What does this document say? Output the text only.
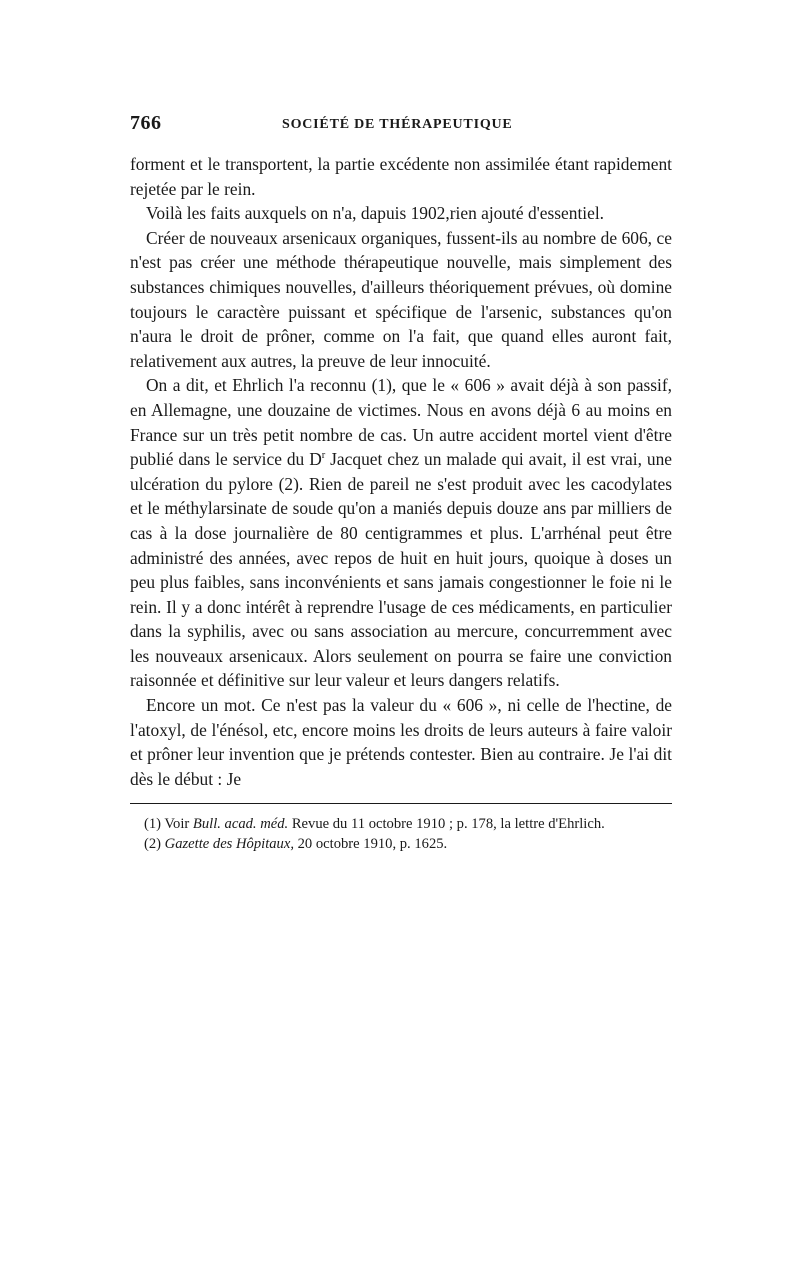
766	SOCIÉTÉ DE THÉRAPEUTIQUE

forment et le transportent, la partie excédente non assimilée étant rapidement rejetée par le rein.

Voilà les faits auxquels on n'a, dapuis 1902,rien ajouté d'essentiel.

Créer de nouveaux arsenicaux organiques, fussent-ils au nombre de 606, ce n'est pas créer une méthode thérapeutique nouvelle, mais simplement des substances chimiques nouvelles, d'ailleurs théoriquement prévues, où domine toujours le caractère puissant et spécifique de l'arsenic, substances qu'on n'aura le droit de prôner, comme on l'a fait, que quand elles auront fait, relativement aux autres, la preuve de leur innocuité.

On a dit, et Ehrlich l'a reconnu (1), que le « 606 » avait déjà à son passif, en Allemagne, une douzaine de victimes. Nous en avons déjà 6 au moins en France sur un très petit nombre de cas. Un autre accident mortel vient d'être publié dans le service du $D^r$ Jacquet chez un malade qui avait, il est vrai, une ulcération du pylore (2). Rien de pareil ne s'est produit avec les cacodylates et le méthylarsinate de soude qu'on a maniés depuis douze ans par milliers de cas à la dose journalière de 80 centigrammes et plus. L'arrhénal peut être administré des années, avec repos de huit en huit jours, quoique à doses un peu plus faibles, sans inconvénients et sans jamais congestionner le foie ni le rein. Il y a donc intérêt à reprendre l'usage de ces médicaments, en particulier dans la syphilis, avec ou sans association au mercure, concurremment avec les nouveaux arsenicaux. Alors seulement on pourra se faire une conviction raisonnée et définitive sur leur valeur et leurs dangers relatifs.

Encore un mot. Ce n'est pas la valeur du « 606 », ni celle de l'hectine, de l'atoxyl, de l'énésol, etc, encore moins les droits de leurs auteurs à faire valoir et prôner leur invention que je prétends contester. Bien au contraire. Je l'ai dit dès le début : Je

(1) Voir Bull. acad. méd. Revue du 11 octobre 1910 ; p. 178, la lettre d'Ehrlich.

(2) Gazette des Hôpitaux, 20 octobre 1910, p. 1625.
